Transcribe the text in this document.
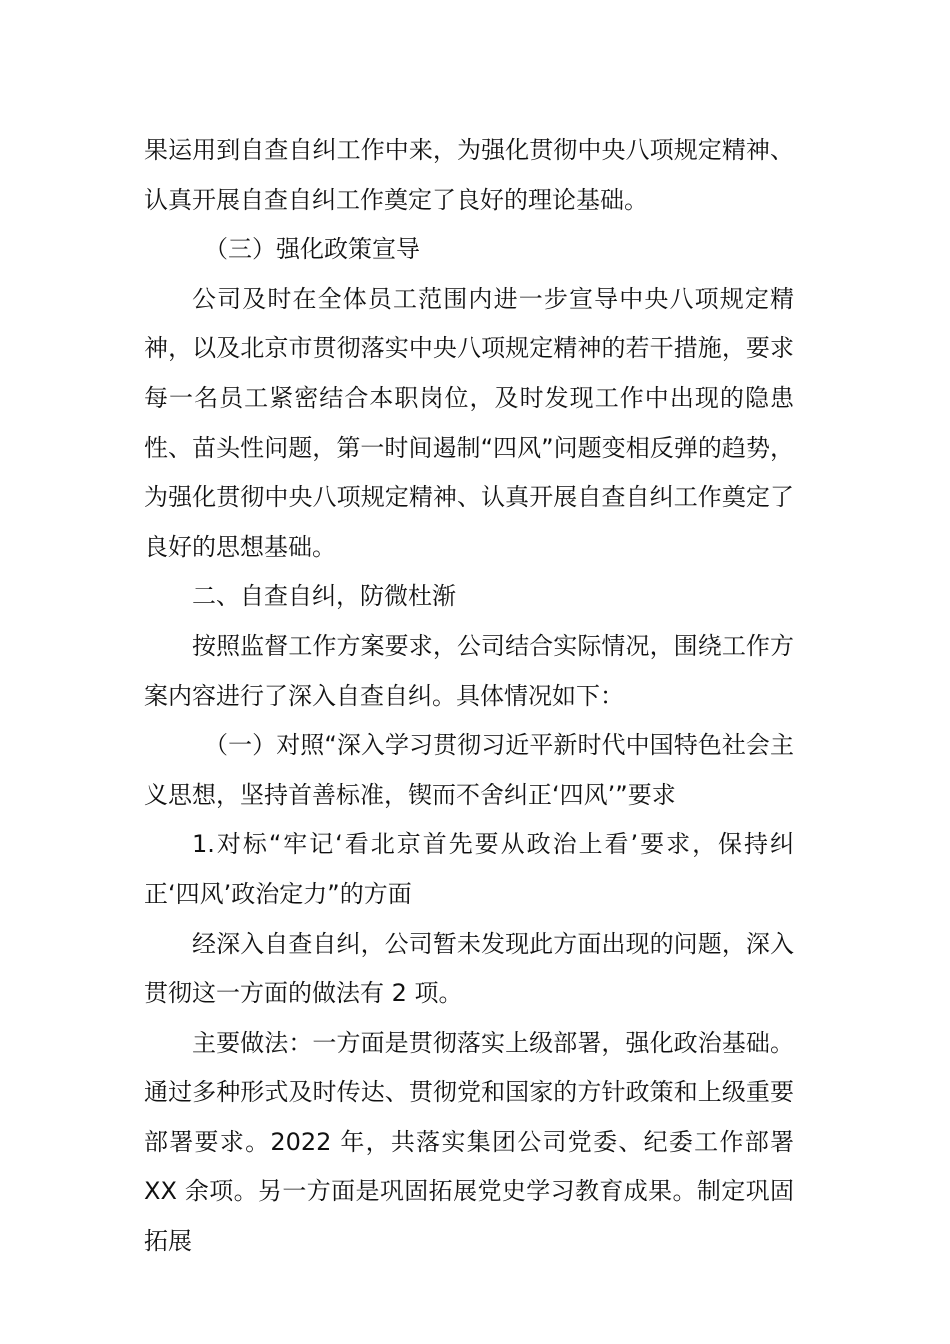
果运用到自查自纠工作中来，为强化贯彻中央八项规定精神、认真开展自查自纠工作奠定了良好的理论基础。

（三）强化政策宣导

公司及时在全体员工范围内进一步宣导中央八项规定精神，以及北京市贯彻落实中央八项规定精神的若干措施，要求每一名员工紧密结合本职岗位，及时发现工作中出现的隐患性、苗头性问题，第一时间遏制“四风”问题变相反弹的趋势，为强化贯彻中央八项规定精神、认真开展自查自纠工作奠定了良好的思想基础。

二、自查自纠，防微杜渐

按照监督工作方案要求，公司结合实际情况，围绕工作方案内容进行了深入自查自纠。具体情况如下：

（一）对照“深入学习贯彻习近平新时代中国特色社会主义思想，坚持首善标准，锲而不舍纠正‘四风’”要求

1.对标“牢记‘看北京首先要从政治上看’要求，保持纠正‘四风’政治定力”的方面

经深入自查自纠，公司暂未发现此方面出现的问题，深入贯彻这一方面的做法有 2 项。

主要做法：一方面是贯彻落实上级部署，强化政治基础。通过多种形式及时传达、贯彻党和国家的方针政策和上级重要部署要求。2022 年，共落实集团公司党委、纪委工作部署 XX 余项。另一方面是巩固拓展党史学习教育成果。制定巩固拓展
